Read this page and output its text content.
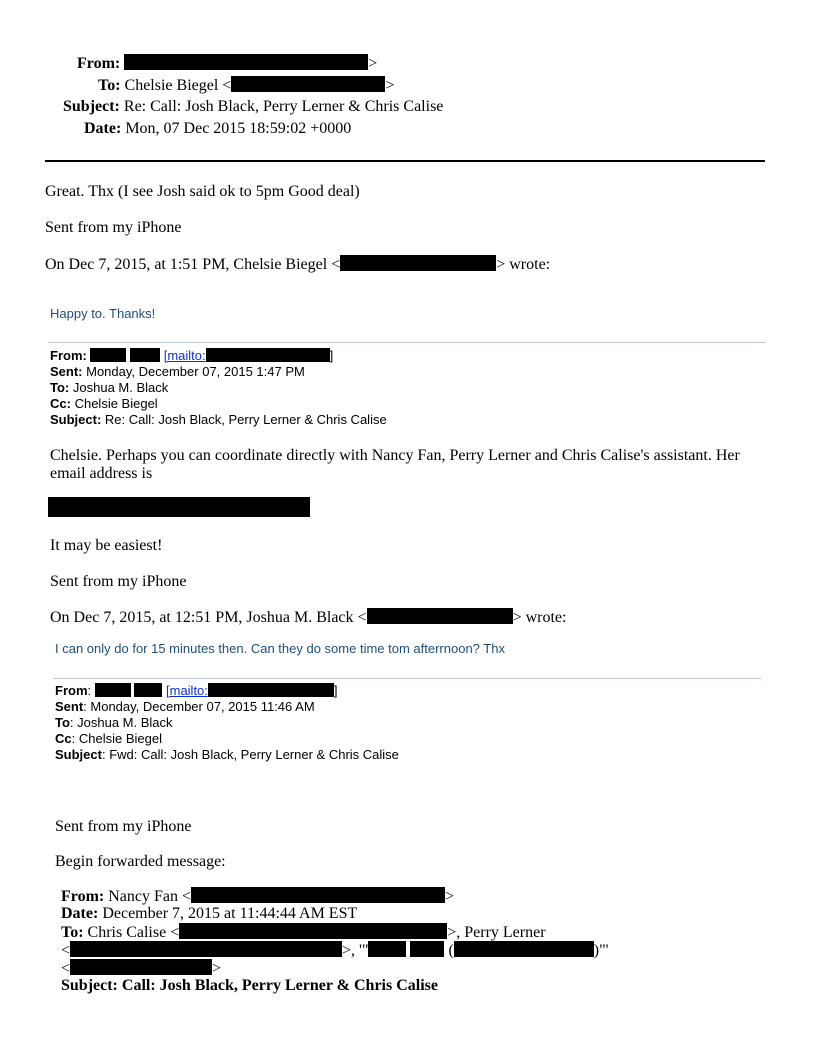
From:	>
To: Chelsie Biegel <	>
Subject: Re: Call: Josh Black, Perry Lerner & Chris Calise
Date: Mon, 07 Dec 2015 18:59:02 +0000
Great. Thx (I see Josh said ok to 5pm Good deal)
Sent from my iPhone
On Dec 7, 2015, at 1:51 PM, Chelsie Biegel <	> wrote:
Happy to. Thanks!
From:	[mailto:	]
Sent: Monday, December 07, 2015 1:47 PM
To: Joshua M. Black
Cc: Chelsie Biegel
Subject: Re: Call: Josh Black, Perry Lerner & Chris Calise
Chelsie. Perhaps you can coordinate directly with Nancy Fan, Perry Lerner and Chris Calise's assistant. Her
email address is
It may be easiest!
Sent from my iPhone
On Dec 7, 2015, at 12:51 PM, Joshua M. Black <	> wrote:
I can only do for 15 minutes then. Can they do some time tom afterrnoon? Thx
From:	[mailto:	]
Sent: Monday, December 07, 2015 11:46 AM
To: Joshua M. Black
Cc: Chelsie Biegel
Subject: Fwd: Call: Josh Black, Perry Lerner & Chris Calise
Sent from my iPhone
Begin forwarded message:
From: Nancy Fan <	>
Date: December 7, 2015 at 11:44:44 AM EST
To: Chris Calise <	>, Perry Lerner
<	>, '"	(	)"'
<	>
Subject: Call: Josh Black, Perry Lerner & Chris Calise
